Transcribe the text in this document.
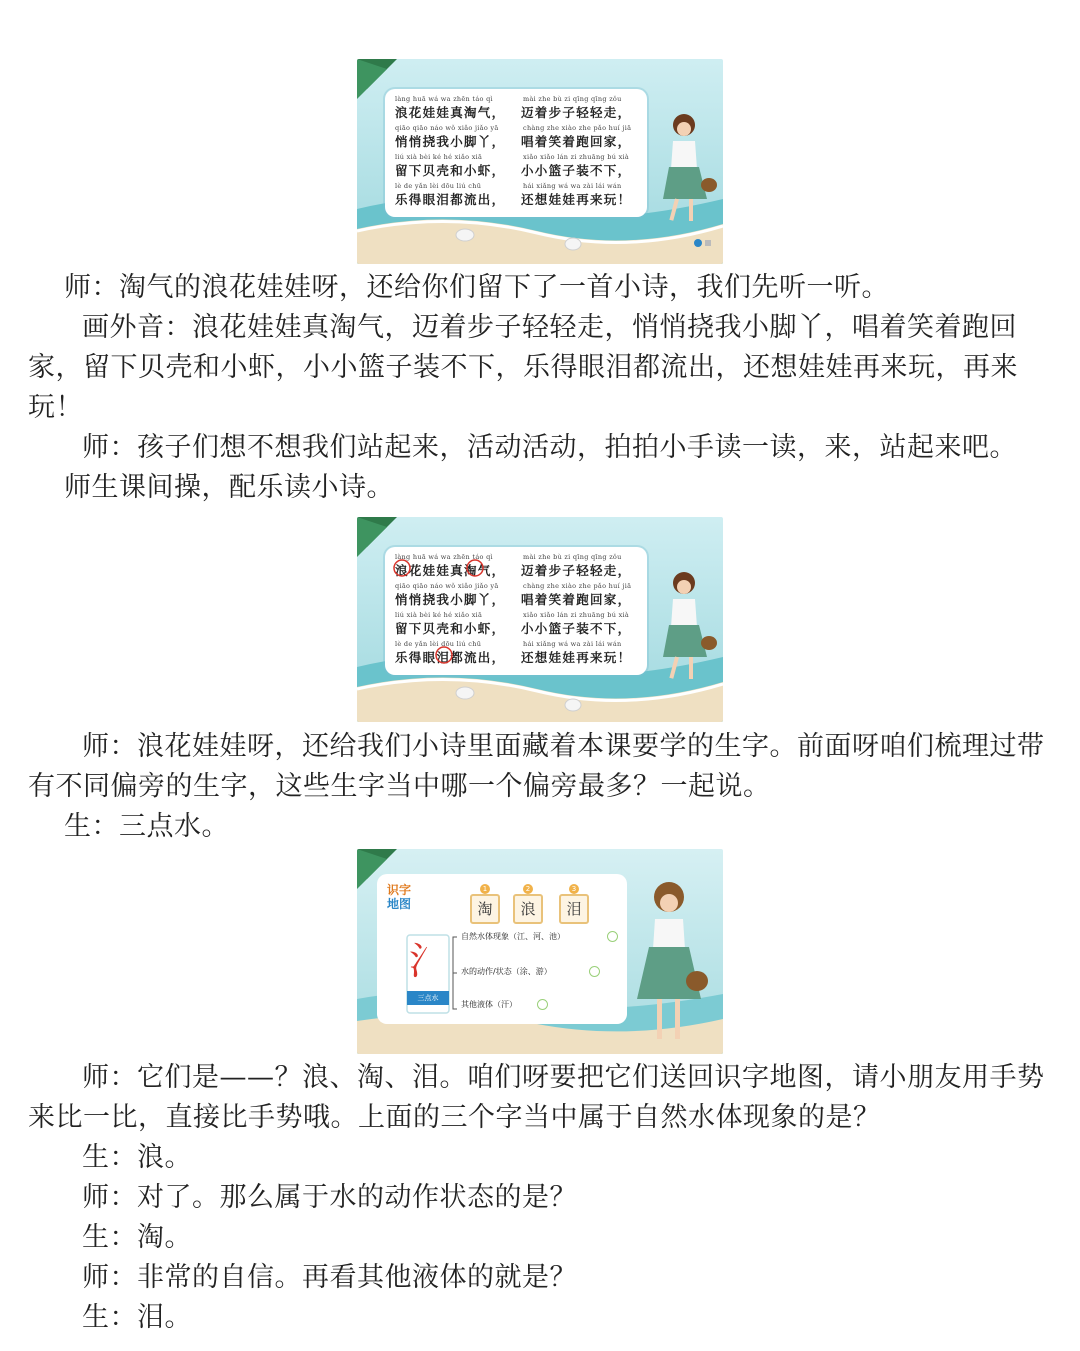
làng huā wá wa zhēn táo qì	mài zhe bù zi qīng qīng zǒu
浪花娃娃真淘气， 迈着步子轻轻走，
qiāo qiāo náo wǒ xiǎo jiǎo yā	chàng zhe xiào zhe pǎo huí jiā
悄悄挠我小脚丫， 唱着笑着跑回家，
liú xià bèi ké hé xiǎo xiā	xiǎo xiǎo lán zi zhuāng bú xià
留下贝壳和小虾， 小小篮子装不下，
lè de yǎn lèi dōu liú chū	hái xiǎng wá wa zài lái wán
乐得眼泪都流出， 还想娃娃再来玩！
师：淘气的浪花娃娃呀，还给你们留下了一首小诗，我们先听一听。
画外音：浪花娃娃真淘气，迈着步子轻轻走，悄悄挠我小脚丫，唱着笑着跑回家，留下贝壳和小虾，小小篮子装不下，乐得眼泪都流出，还想娃娃再来玩，再来玩！
师：孩子们想不想我们站起来，活动活动，拍拍小手读一读，来，站起来吧。
师生课间操，配乐读小诗。
làng huā wá wa zhēn táo qì	mài zhe bù zi qīng qīng zǒu
浪花娃娃真淘气， 迈着步子轻轻走，
qiāo qiāo náo wǒ xiǎo jiǎo yā	chàng zhe xiào zhe pǎo huí jiā
悄悄挠我小脚丫， 唱着笑着跑回家，
liú xià bèi ké hé xiǎo xiā	xiǎo xiǎo lán zi zhuāng bú xià
留下贝壳和小虾， 小小篮子装不下，
lè de yǎn lèi dōu liú chū	hái xiǎng wá wa zài lái wán
乐得眼泪都流出， 还想娃娃再来玩！
师：浪花娃娃呀，还给我们小诗里面藏着本课要学的生字。前面呀咱们梳理过带有不同偏旁的生字，这些生字当中哪一个偏旁最多？一起说。
生：三点水。
识字
地图
1
淘
2
浪
3
泪
氵
三点水
自然水体现象（江、河、池）
水的动作/状态（涂、游）
其他液体（汗）
师：它们是——？浪、淘、泪。咱们呀要把它们送回识字地图，请小朋友用手势来比一比，直接比手势哦。上面的三个字当中属于自然水体现象的是？
生：浪。
师：对了。那么属于水的动作状态的是？
生：淘。
师：非常的自信。再看其他液体的就是？
生：泪。
